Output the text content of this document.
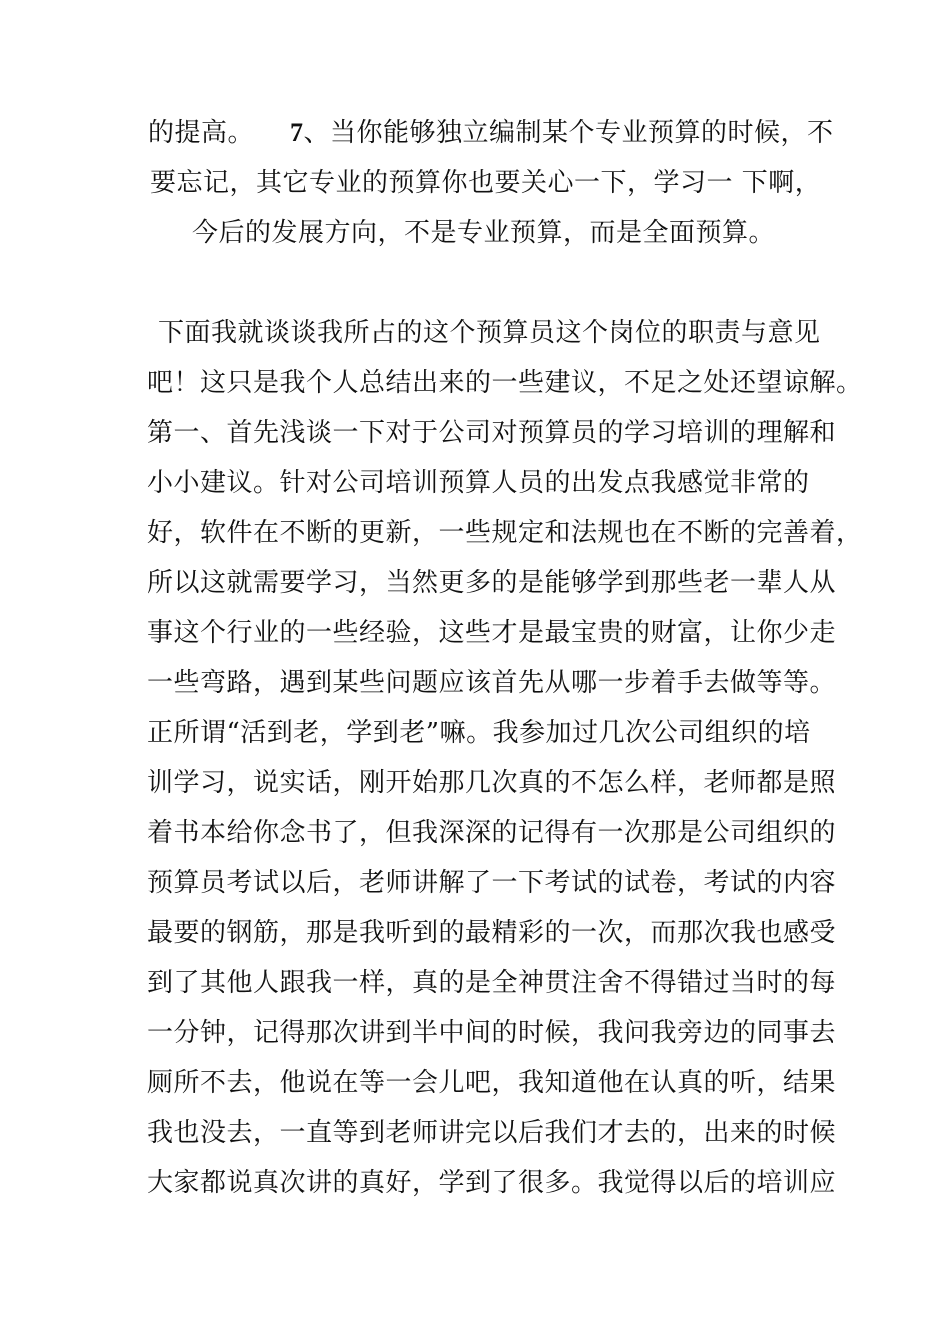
的提高。 7、当你能够独立编制某个专业预算的时候，不
要忘记，其它专业的预算你也要关心一下，学习一 下啊，
今后的发展方向，不是专业预算，而是全面预算。
下面我就谈谈我所占的这个预算员这个岗位的职责与意见
吧！这只是我个人总结出来的一些建议，不足之处还望谅解。
第一、首先浅谈一下对于公司对预算员的学习培训的理解和
小小建议。针对公司培训预算人员的出发点我感觉非常的
好，软件在不断的更新，一些规定和法规也在不断的完善着，
所以这就需要学习，当然更多的是能够学到那些老一辈人从
事这个行业的一些经验，这些才是最宝贵的财富，让你少走
一些弯路，遇到某些问题应该首先从哪一步着手去做等等。
正所谓“活到老，学到老”嘛。我参加过几次公司组织的培
训学习，说实话，刚开始那几次真的不怎么样，老师都是照
着书本给你念书了，但我深深的记得有一次那是公司组织的
预算员考试以后，老师讲解了一下考试的试卷，考试的内容
最要的钢筋，那是我听到的最精彩的一次，而那次我也感受
到了其他人跟我一样，真的是全神贯注舍不得错过当时的每
一分钟，记得那次讲到半中间的时候，我问我旁边的同事去
厕所不去，他说在等一会儿吧，我知道他在认真的听，结果
我也没去，一直等到老师讲完以后我们才去的，出来的时候
大家都说真次讲的真好，学到了很多。我觉得以后的培训应
